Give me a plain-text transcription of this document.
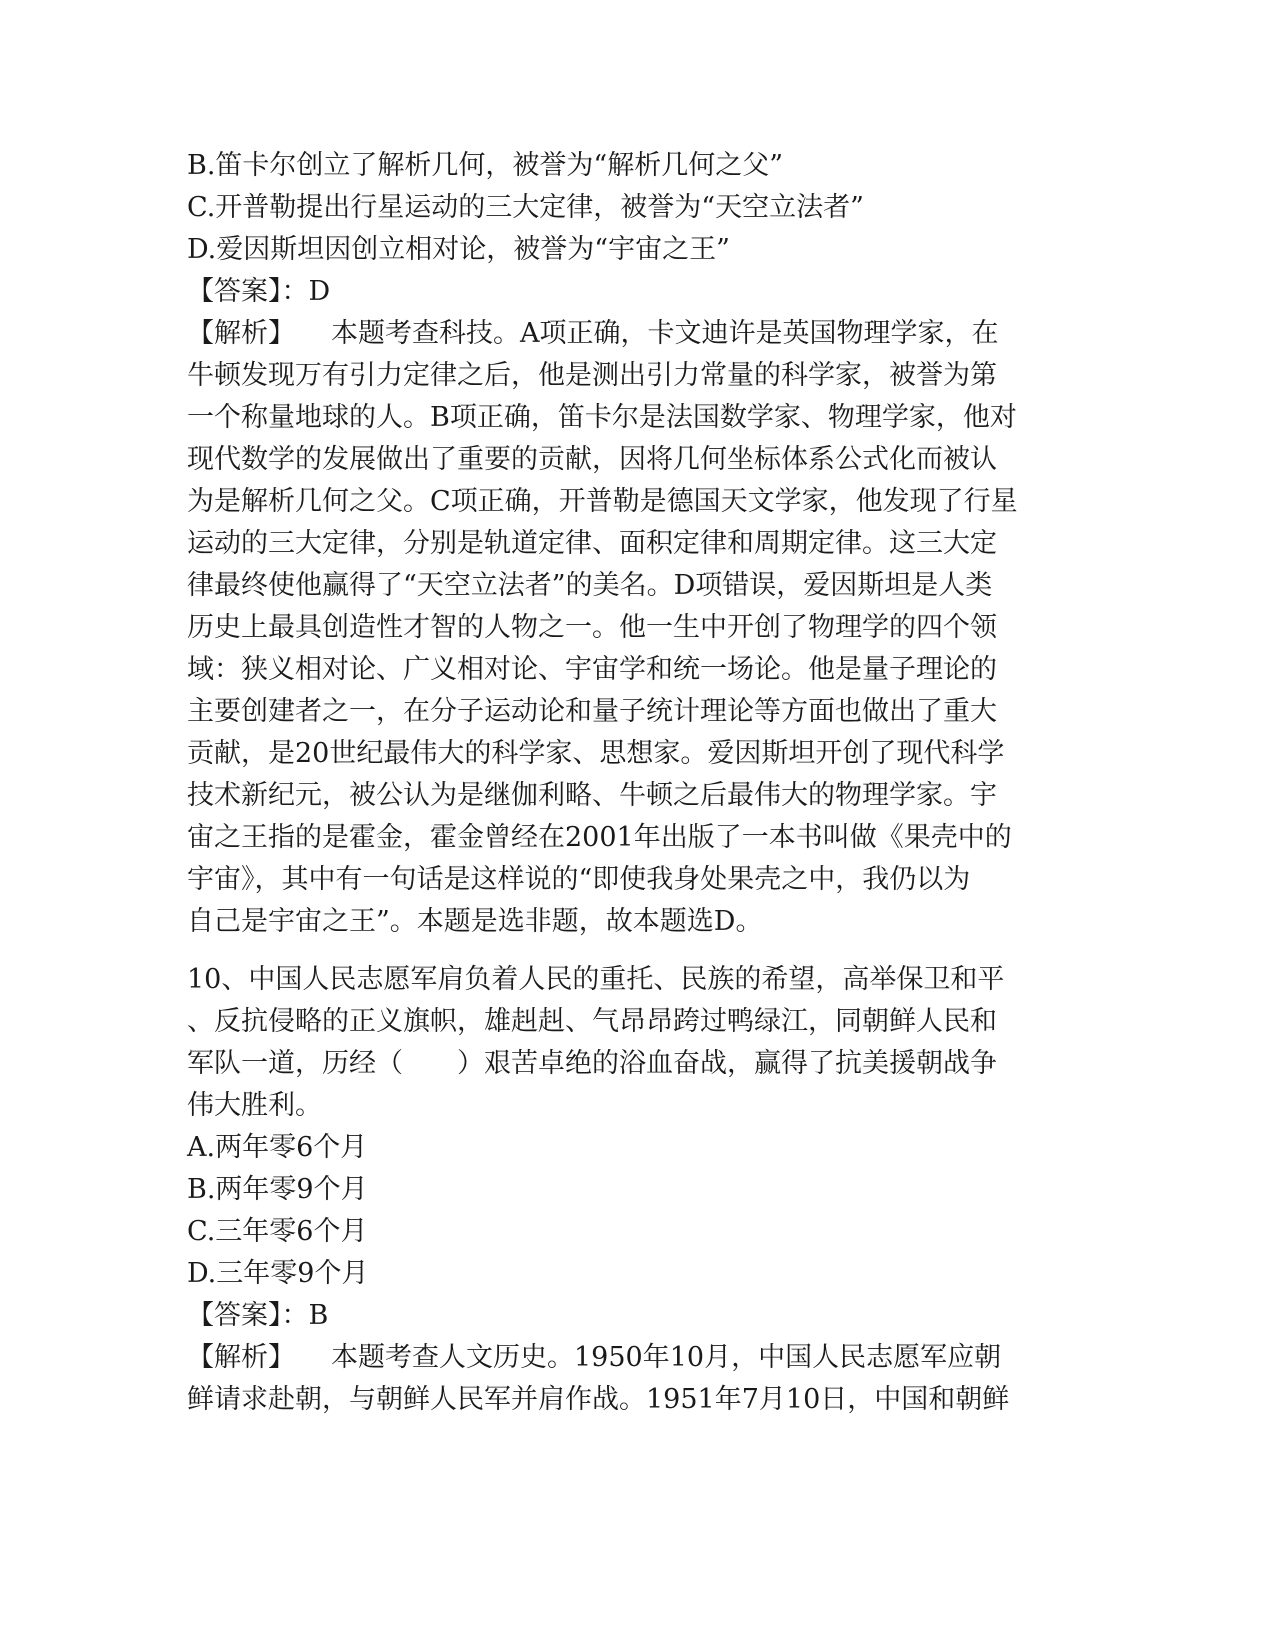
B.笛卡尔创立了解析几何，被誉为“解析几何之父”
C.开普勒提出行星运动的三大定律，被誉为“天空立法者”
D.爱因斯坦因创立相对论，被誉为“宇宙之王”
【答案】：D
【解析】 本题考查科技。A项正确，卡文迪许是英国物理学家，在
牛顿发现万有引力定律之后，他是测出引力常量的科学家，被誉为第
一个称量地球的人。B项正确，笛卡尔是法国数学家、物理学家，他对
现代数学的发展做出了重要的贡献，因将几何坐标体系公式化而被认
为是解析几何之父。C项正确，开普勒是德国天文学家，他发现了行星
运动的三大定律，分别是轨道定律、面积定律和周期定律。这三大定
律最终使他赢得了“天空立法者”的美名。D项错误，爱因斯坦是人类
历史上最具创造性才智的人物之一。他一生中开创了物理学的四个领
域：狭义相对论、广义相对论、宇宙学和统一场论。他是量子理论的
主要创建者之一，在分子运动论和量子统计理论等方面也做出了重大
贡献，是20世纪最伟大的科学家、思想家。爱因斯坦开创了现代科学
技术新纪元，被公认为是继伽利略、牛顿之后最伟大的物理学家。宇
宙之王指的是霍金，霍金曾经在2001年出版了一本书叫做《果壳中的
宇宙》，其中有一句话是这样说的“即使我身处果壳之中，我仍以为
自己是宇宙之王”。本题是选非题，故本题选D。
10、中国人民志愿军肩负着人民的重托、民族的希望，高举保卫和平
、反抗侵略的正义旗帜，雄赳赳、气昂昂跨过鸭绿江，同朝鲜人民和
军队一道，历经（　　）艰苦卓绝的浴血奋战，赢得了抗美援朝战争
伟大胜利。
A.两年零6个月
B.两年零9个月
C.三年零6个月
D.三年零9个月
【答案】：B
【解析】 本题考查人文历史。1950年10月，中国人民志愿军应朝
鲜请求赴朝，与朝鲜人民军并肩作战。1951年7月10日，中国和朝鲜
